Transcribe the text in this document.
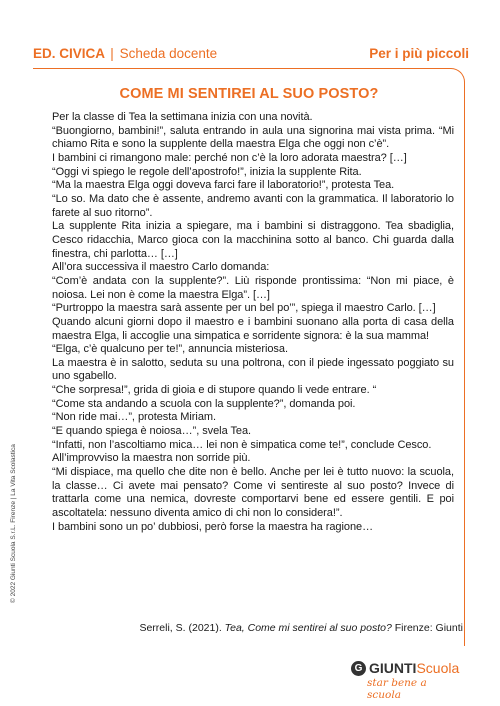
ED. CIVICA | Scheda docente	Per i più piccoli
COME MI SENTIREI AL SUO POSTO?

Per la classe di Tea la settimana inizia con una novità.

“Buongiorno, bambini!”, saluta entrando in aula una signorina mai vista prima. “Mi chiamo Rita e sono la supplente della maestra Elga che oggi non c’è”.

I bambini ci rimangono male: perché non c’è la loro adorata maestra? […]

“Oggi vi spiego le regole dell’apostrofo!”, inizia la supplente Rita.

“Ma la maestra Elga oggi doveva farci fare il laboratorio!”, protesta Tea.

“Lo so. Ma dato che è assente, andremo avanti con la grammatica. Il laboratorio lo farete al suo ritorno”.

La supplente Rita inizia a spiegare, ma i bambini si distraggono. Tea sbadiglia, Cesco ridacchia, Marco gioca con la macchinina sotto al banco. Chi guarda dalla finestra, chi parlotta… […]

All’ora successiva il maestro Carlo domanda:

“Com’è andata con la supplente?”. Liù risponde prontissima: “Non mi piace, è noiosa. Lei non è come la maestra Elga”. […]

“Purtroppo la maestra sarà assente per un bel po’”, spiega il maestro Carlo. […]

Quando alcuni giorni dopo il maestro e i bambini suonano alla porta di casa della maestra Elga, li accoglie una simpatica e sorridente signora: è la sua mamma!

“Elga, c’è qualcuno per te!”, annuncia misteriosa.

La maestra è in salotto, seduta su una poltrona, con il piede ingessato poggiato su uno sgabello.

“Che sorpresa!”, grida di gioia e di stupore quando li vede entrare. “

“Come sta andando a scuola con la supplente?”, domanda poi.

“Non ride mai…”, protesta Miriam.

“E quando spiega è noiosa…”, svela Tea.

“Infatti, non l’ascoltiamo mica… lei non è simpatica come te!”, conclude Cesco.

All’improvviso la maestra non sorride più.

“Mi dispiace, ma quello che dite non è bello. Anche per lei è tutto nuovo: la scuola, la classe… Ci avete mai pensato? Come vi sentireste al suo posto? Invece di trattarla come una nemica, dovreste comportarvi bene ed essere gentili. E poi ascoltatela: nessuno diventa amico di chi non lo considera!”.

I bambini sono un po’ dubbiosi, però forse la maestra ha ragione…

Serreli, S. (2021). Tea, Come mi sentirei al suo posto? Firenze: Giunti
© 2022 Giunti Scuola S.r.L. Firenze | La Vita Scolastica
G GIUNTI Scuola
star bene a scuola
